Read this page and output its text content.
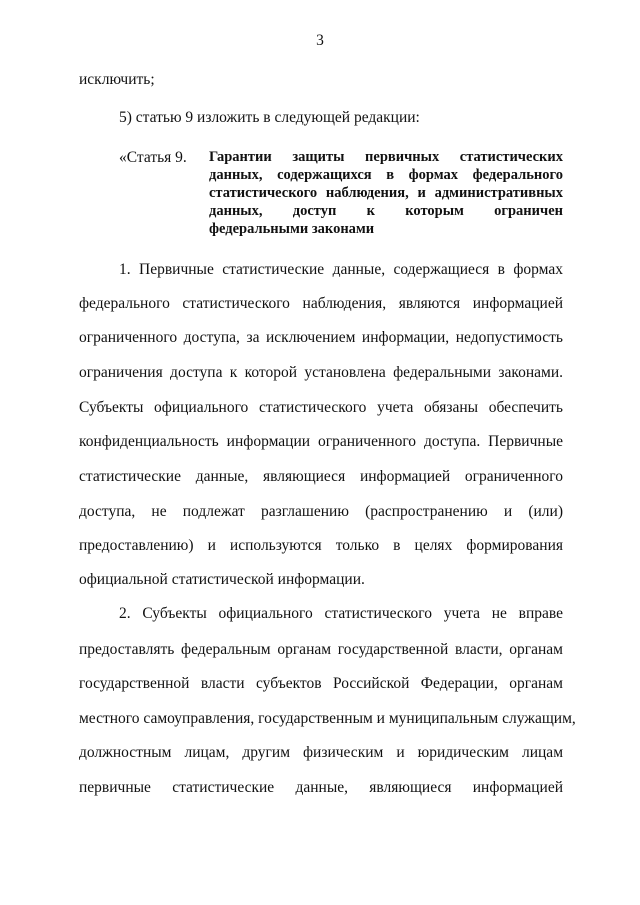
3
исключить;
5) статью 9 изложить в следующей редакции:
«Статья 9. Гарантии защиты первичных статистических
данных, содержащихся в формах федерального
статистического наблюдения, и административных
данных, доступ к которым ограничен
федеральными законами
1. Первичные статистические данные, содержащиеся в формах
федерального статистического наблюдения, являются информацией
ограниченного доступа, за исключением информации, недопустимость
ограничения доступа к которой установлена федеральными законами.
Субъекты официального статистического учета обязаны обеспечить
конфиденциальность информации ограниченного доступа. Первичные
статистические данные, являющиеся информацией ограниченного
доступа, не подлежат разглашению (распространению и (или)
предоставлению) и используются только в целях формирования
официальной статистической информации.
2. Субъекты официального статистического учета не вправе
предоставлять федеральным органам государственной власти, органам
государственной власти субъектов Российской Федерации, органам
местного самоуправления, государственным и муниципальным служащим,
должностным лицам, другим физическим и юридическим лицам
первичные статистические данные, являющиеся информацией
